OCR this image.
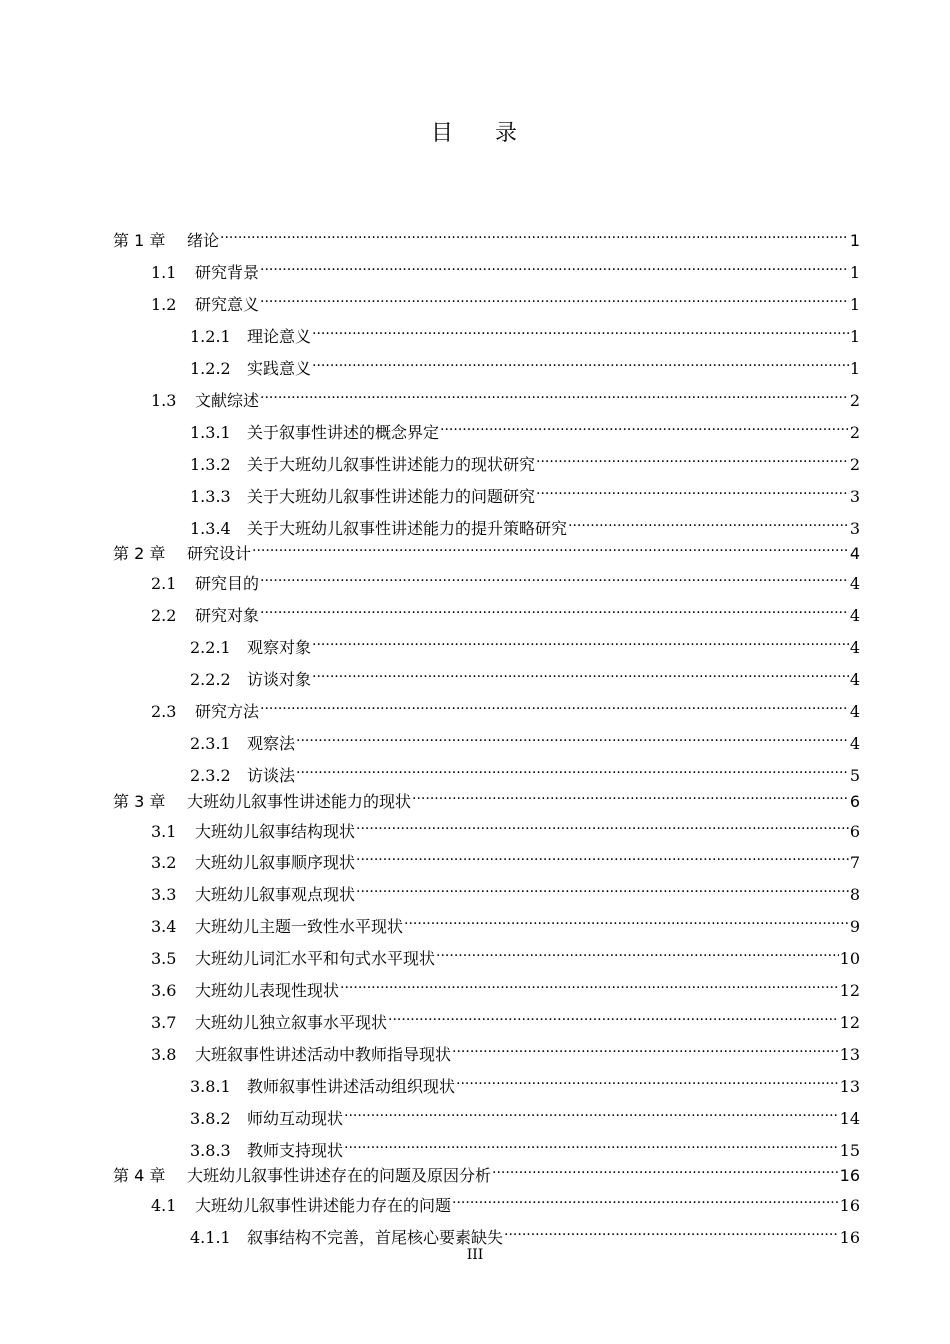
目 录
第 1 章	绪论 .....	1
1.1	研究背景 .....	1
1.2	研究意义 .....	1
1.2.1	理论意义 .....	1
1.2.2	实践意义 .....	1
1.3	文献综述 .....	2
1.3.1	关于叙事性讲述的概念界定 .....	2
1.3.2	关于大班幼儿叙事性讲述能力的现状研究 .....	2
1.3.3	关于大班幼儿叙事性讲述能力的问题研究 .....	3
1.3.4	关于大班幼儿叙事性讲述能力的提升策略研究 .....	3
第 2 章	研究设计 .....	4
2.1	研究目的 .....	4
2.2	研究对象 .....	4
2.2.1	观察对象 .....	4
2.2.2	访谈对象 .....	4
2.3	研究方法 .....	4
2.3.1	观察法 .....	4
2.3.2	访谈法 .....	5
第 3 章	大班幼儿叙事性讲述能力的现状 .....	6
3.1	大班幼儿叙事结构现状 .....	6
3.2	大班幼儿叙事顺序现状 .....	7
3.3	大班幼儿叙事观点现状 .....	8
3.4	大班幼儿主题一致性水平现状 .....	9
3.5	大班幼儿词汇水平和句式水平现状 .....	10
3.6	大班幼儿表现性现状 .....	12
3.7	大班幼儿独立叙事水平现状 .....	12
3.8	大班叙事性讲述活动中教师指导现状 .....	13
3.8.1	教师叙事性讲述活动组织现状 .....	13
3.8.2	师幼互动现状 .....	14
3.8.3	教师支持现状 .....	15
第 4 章	大班幼儿叙事性讲述存在的问题及原因分析 .....	16
4.1	大班幼儿叙事性讲述能力存在的问题 .....	16
4.1.1	叙事结构不完善，首尾核心要素缺失 .....	16
III
